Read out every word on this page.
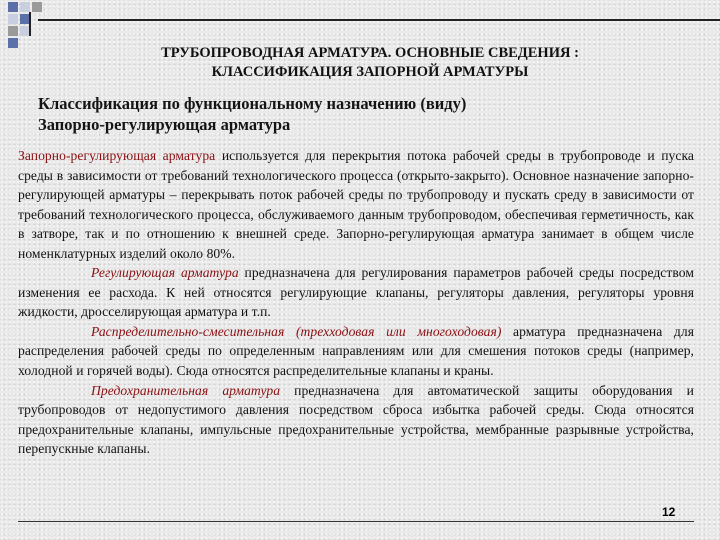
ТРУБОПРОВОДНАЯ АРМАТУРА. ОСНОВНЫЕ СВЕДЕНИЯ :
КЛАССИФИКАЦИЯ ЗАПОРНОЙ АРМАТУРЫ
Классификация по функциональному назначению (виду)
Запорно-регулирующая арматура

Запорно-регулирующая арматура используется для перекрытия потока рабочей среды в трубопроводе и пуска среды в зависимости от требований технологического процесса (открыто-закрыто). Основное назначение запорно-регулирующей арматуры – перекрывать поток рабочей среды по трубопроводу и пускать среду в зависимости от требований технологического процесса, обслуживаемого данным трубопроводом, обеспечивая герметичность, как в затворе, так и по отношению к внешней среде. Запорно-регулирующая арматура занимает в общем числе номенклатурных изделий около 80%.

Регулирующая арматура предназначена для регулирования параметров рабочей среды посредством изменения ее расхода. К ней относятся регулирующие клапаны, регуляторы давления, регуляторы уровня жидкости, дросселирующая арматура и т.п.

Распределительно-смесительная (трехходовая или многоходовая) арматура предназначена для распределения рабочей среды по определенным направлениям или для смешения потоков среды (например, холодной и горячей воды). Сюда относятся распределительные клапаны и краны.

Предохранительная арматура предназначена для автоматической защиты оборудования и трубопроводов от недопустимого давления посредством сброса избытка рабочей среды. Сюда относятся предохранительные клапаны, импульсные предохранительные устройства, мембранные разрывные устройства, перепускные клапаны.

12
